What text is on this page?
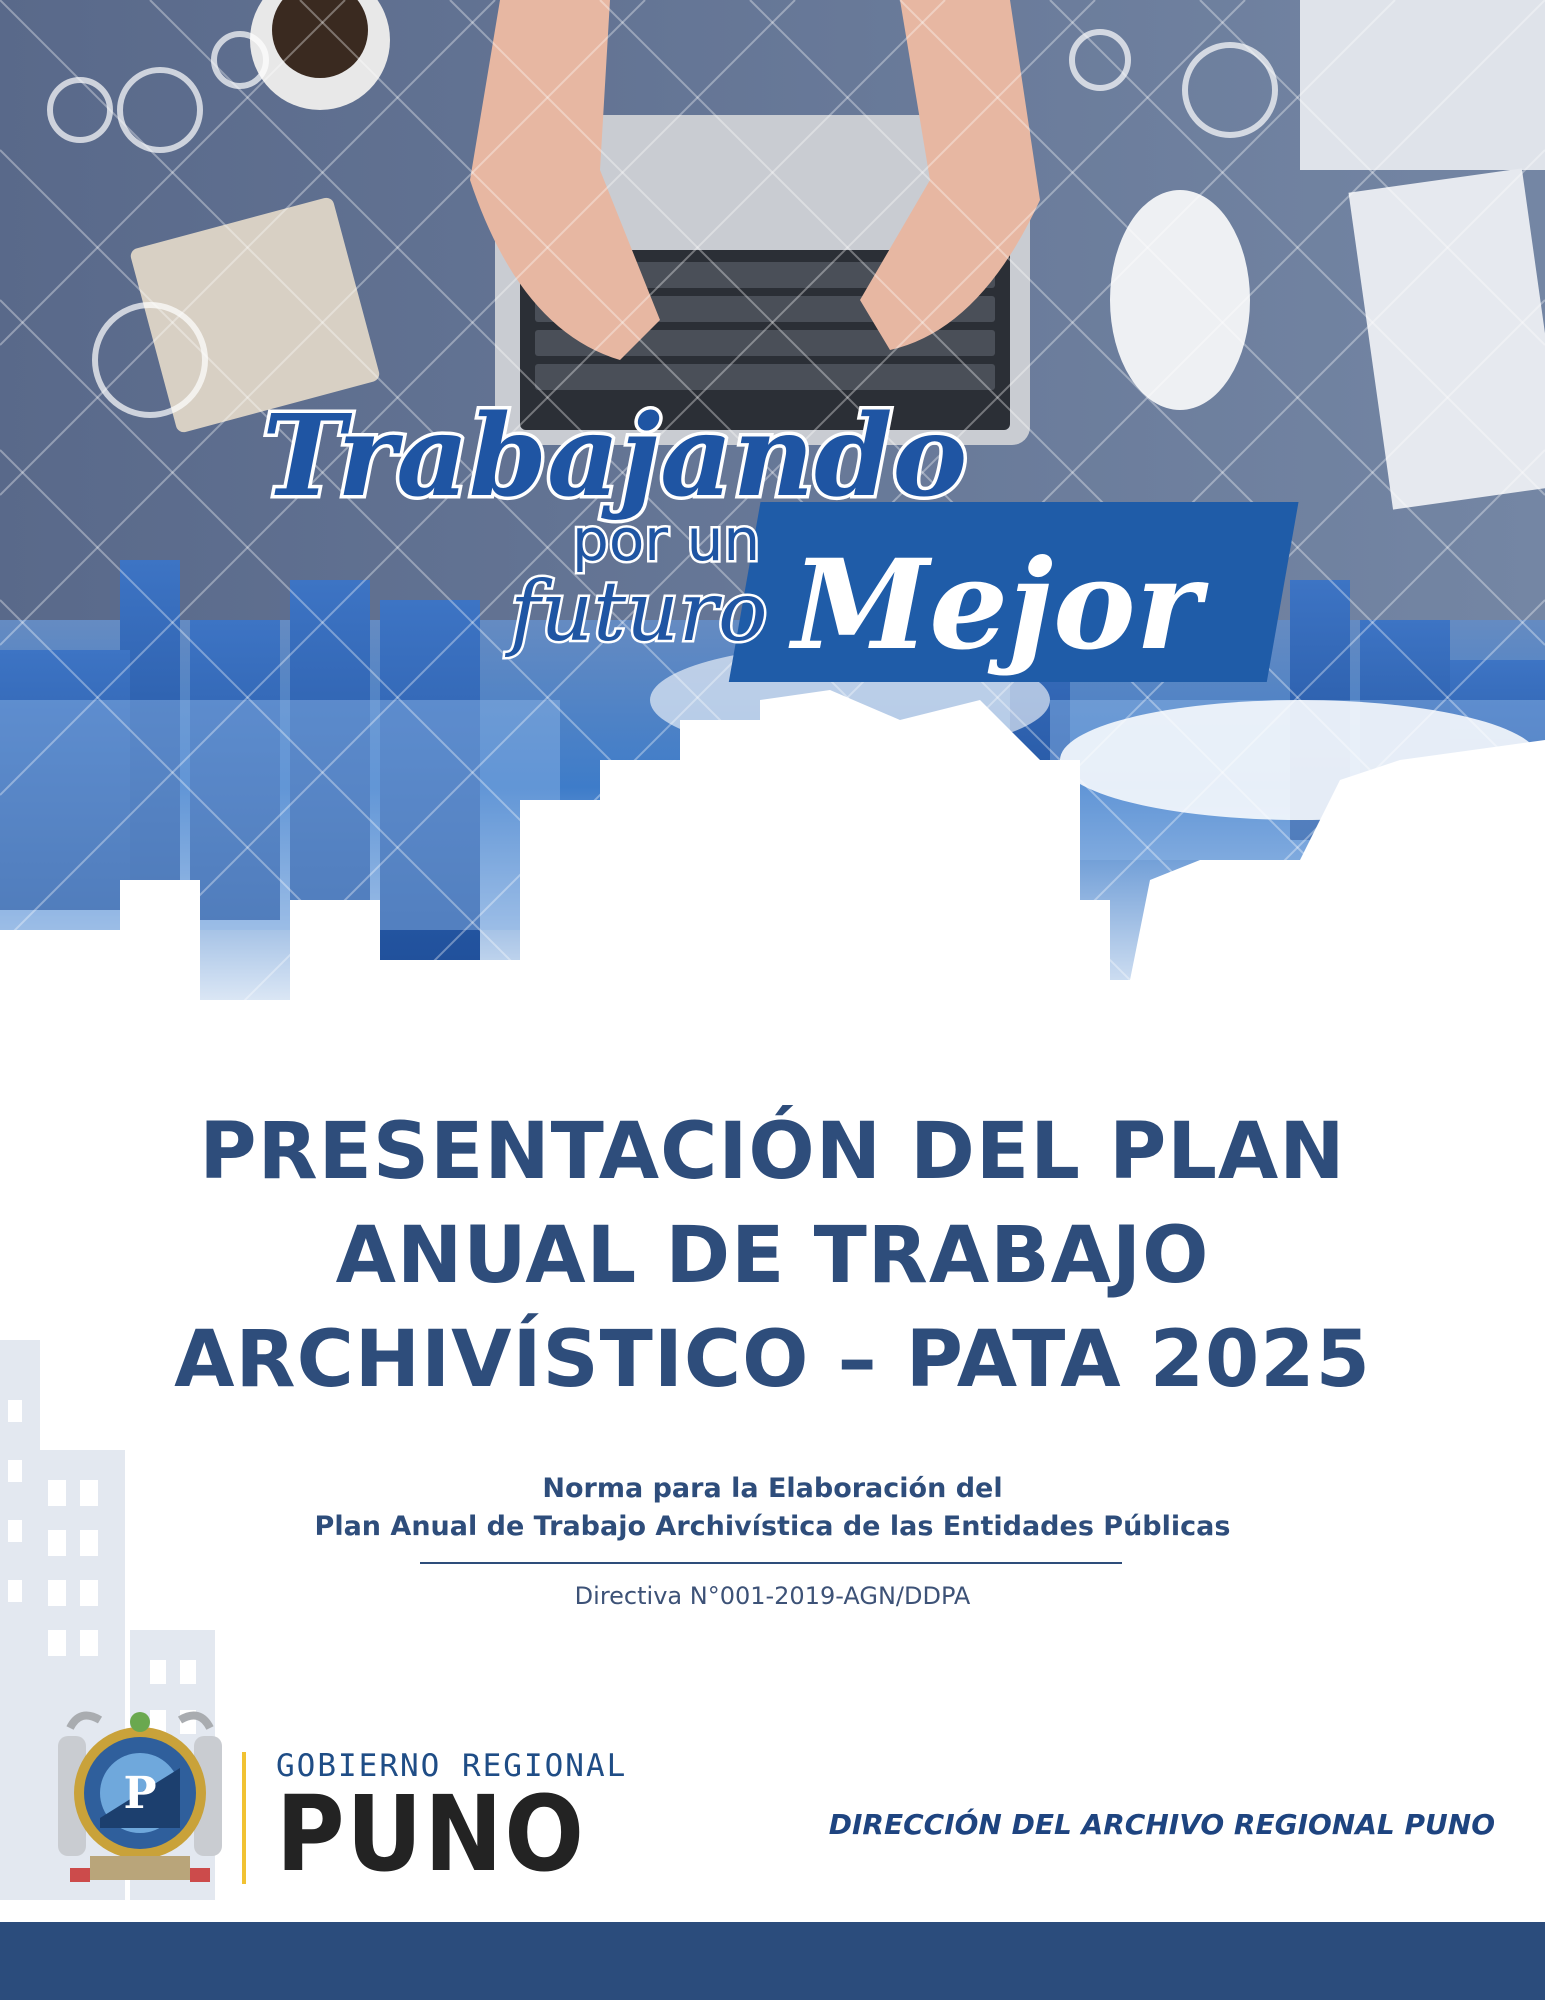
Trabajando
por un
futuro Mejor
PRESENTACIÓN DEL PLAN
ANUAL DE TRABAJO
ARCHIVÍSTICO – PATA 2025
Norma para la Elaboración del
Plan Anual de Trabajo Archivística de las Entidades Públicas
Directiva N°001-2019-AGN/DDPA
P
GOBIERNO REGIONAL
PUNO	DIRECCIÓN DEL ARCHIVO REGIONAL PUNO
